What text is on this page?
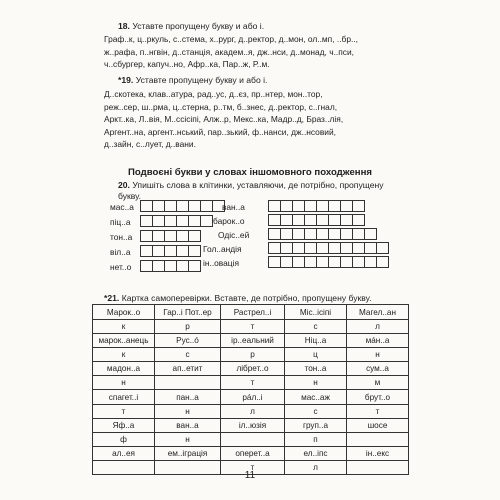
18. Уставте пропущену букву и або і.
Граф..к, ц..ркуль, с..стема, х..рург, д..ректор, д..мон, ол..мп, ..бр..,
ж..рафа, п..нгвін, д..станція, академ..я, дж..нси, д..монад, ч..пси,
ч..сбургер, капуч..но, Афр..ка, Пар..ж, Р..м.
*19. Уставте пропущену букву и або і.
Д..скотека, клав..атура, рад..ус, д..єз, пр..нтер, мон..тор,
реж..сер, ш..рма, ц..стерна, р..тм, б..знес, д..ректор, с..гнал,
Аркт..ка, Л..вія, М..ссісіпі, Алж..р, Мекс..ка, Мадр..д, Браз..лія,
Аргент..на, аргент..нський, пар..зький, ф..нанси, дж..нсовий,
д..зайн, с..лует, д..вани.
Подвоєні букви у словах іншомовного походження
20. Упишіть слова в клітинки, уставляючи, де потрібно, пропущену
букву.
мас..а
піц..а
тон..а
віл..а
нет..о

ван..а
барок..о
Одіс..ей
Гол..андія
ін..овація

*21. Картка самоперевірки. Вставте, де потрібно, пропущену букву.
Марок..о	Гар..і Пот..ер	Растрел..і	Міс..ісіпі	Магел..ан
к	р	т	с	л
марок..анець	Рус..ó	ір..еальний	Ніц..а	мáн..а
к	с	р	ц	н
мадон..а	ап..етит	лібрет..о	тон..а	сум..а
н		т	н	м
спагет..і	пан..а	рáл..і	мас..аж	брут..о
т	н	л	с	т
Яф..а	ван..а	іл..юзія	груп..а	шосе
ф	н		п	
ал..ея	ем..іграція	оперет..а	ел..іпс	ін..екс
		т	л	
11
